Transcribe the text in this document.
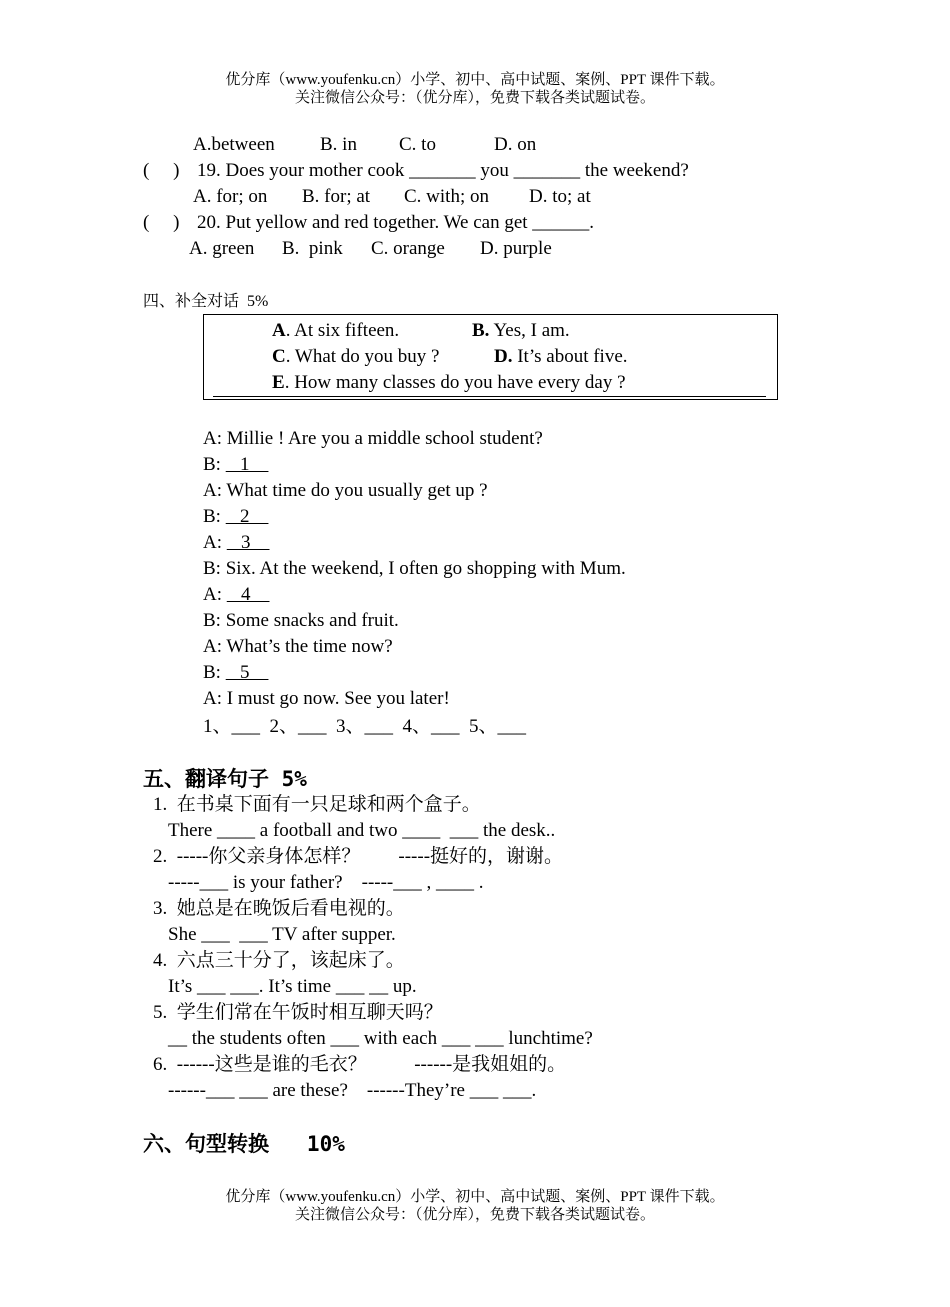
优分库（www.youfenku.cn）小学、初中、高中试题、案例、PPT 课件下载。
关注微信公众号：（优分库），免费下载各类试题试卷。
A.between B. in C. to	D. on
(     ) 19. Does your mother cook _______ you _______ the weekend?
A. for; on B. for; at C. with; on D. to; at
(     ) 20. Put yellow and red together. We can get ______.
A. green B.  pink C. orange D. purple
四、补全对话  5%
A. At six fifteen.	B. Yes, I am.
C. What do you buy ?	D. It’s about five.
E. How many classes do you have every day ?
A: Millie ! Are you a middle school student?
B:    1
A: What time do you usually get up ?
B:    2
A:    3
B: Six. At the weekend, I often go shopping with Mum.
A:    4
B: Some snacks and fruit.
A: What’s the time now?
B:    5
A: I must go now. See you later!
1、___  2、___  3、___  4、___  5、___
五、翻译句子 5%
1.  在书桌下面有一只足球和两个盒子。
There ____ a football and two ____  ___ the desk..
2.  -----你父亲身体怎样？        -----挺好的，谢谢。
-----___ is your father?    -----___ , ____ .
3.  她总是在晚饭后看电视的。
She ___  ___ TV after supper.
4.  六点三十分了，该起床了。
It’s ___ ___. It’s time ___ __ up.
5.  学生们常在午饭时相互聊天吗？
__ the students often ___ with each ___ ___ lunchtime?
6.  ------这些是谁的毛衣？          ------是我姐姐的。
------___ ___ are these?    ------They’re ___ ___.
六、句型转换   10%
优分库（www.youfenku.cn）小学、初中、高中试题、案例、PPT 课件下载。
关注微信公众号：（优分库），免费下载各类试题试卷。
